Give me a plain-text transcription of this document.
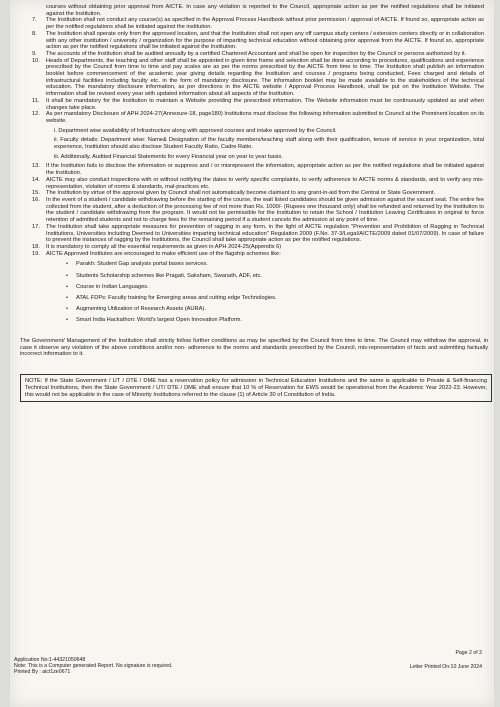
courses without obtaining prior approval from AICTE. In case any violation is reported to the Council, appropriate action as per the notified regulations shall be initiated against the Institution.

7. The Institution shall not conduct any course(s) as specified in the Approval Process Handbook without prior permission / approval of AICTE. If found so, appropriate action as per the notified regulations shall be initiated against the institution.
8. The Institution shall operate only from the approved location, and that the Institution shall not open any off campus study centers / extension centers directly or in collaboration with any other institution / university / organization for the purpose of imparting technical education without obtaining prior approval from the AICTE. If found so, appropriate action as per the notified regulations shall be initiated against the Institution.
9. The accounts of the Institution shall be audited annually by a certified Chartered Accountant and shall be open for inspection by the Council or persons authorized by it.
10. Heads of Departments, the teaching and other staff shall be appointed in given time frame and selection shall be done according to procedures, qualifications and experience prescribed by the Council from time to time and pay scales are as per the norms prescribed by the AICTE from time to time. The Institution shall publish an information booklet before commencement of the academic year giving details regarding the Institution and courses / programs being conducted, Fees charged and details of infrastructural facilities including faculty etc. in the form of mandatory disclosure. The information booklet may be made available to the stakeholders of the technical education. The mandatory disclosure information, as per directions in the AICTE website / Approval Process Handbook, shall be put on the Institution Website. The information shall be revised every year with updated information about all aspects of the Institution.
11. It shall be mandatory for the Institution to maintain a Website providing the prescribed information. The Website information must be continuously updated as and when changes take place.
12. As per mandatory Disclosure of APH 2024-27(Annexure-18, page180) Institutions must disclose the following information submitted to Council at the Prominent location on its website.

i. Department wise availability of Infrastructure along with approved courses and intake approved by the Council.

ii. Faculty details: Department wise: Name& Designation of the faculty members/teaching staff along with their qualification, tenure of service in your organization, total experience, Institution should also disclose Student Faculty Ratio, Cadre Ratio.

iii. Additionally, Audited Financial Statements for every Financial year on year to year basis.

13. If the Institution fails to disclose the information or suppress and / or misrepresent the information, appropriate action as per the notified regulations shall be initiated against the Institution.
14. AICTE may also conduct inspections with or without notifying the dates to verify specific complaints, to verify adherence to AICTE norms & standards, and to verify any mis-representation, violation of norms & standards, mal-practices etc.
15. The Institution by virtue of the approval given by Council shall not automatically become claimant to any grant-in-aid from the Central or State Government.
16. In the event of a student / candidate withdrawing before the starting of the course, the wait listed candidates should be given admission against the vacant seat. The entire fee collected from the student, after a deduction of the processing fee of not more than Rs. 1000/- (Rupees one thousand only) shall be refunded and returned by the Institution to the student / candidate withdrawing from the program. It would not be permissible for the Institution to retain the School / Institution Leaving Certificates in original to force retention of admitted students and not to charge fees for the remaining period if a student cancels the admission at any point of time.
17. The Institution shall take appropriate measures for prevention of ragging in any form, in the light of AICTE regulation "Prevention and Prohibition of Ragging in Technical Institutions, Universities including Deemed to Universities imparting technical education" Regulation 2009 (F.No. 37-3/Legal/AICTE/2009 dated 01/07/2009). In case of failure to prevent the instances of ragging by the Institutions, the Council shall take appropriate action as per the notified regulations.
18. It is mandatory to comply all the essential requirements as given in APH 2024-25(Appendix 6)
19. AICTE Approved Institutes are encouraged to make efficient use of the flagship schemes like:
• Parakh: Student Gap analysis portal bases services.
• Students Scholarship schemes like Pragati, Saksham, Swanath, ADF, etc.
• Course in Indian Languages.
• ATAL FDPs: Faculty training for Emerging areas and cutting edge Technologies.
• Augmenting Utilization of Research Assets (AURA).
• Smart India Hackathon: World's largest Open Innovation Platform.

The Government/ Management of the Institution shall strictly follow further conditions as may be specified by the Council from time to time. The Council may withdraw the approval, in case it observe any violation of the above conditions and/or non- adherence to the norms and standards prescribed by the Council, mis-representation of facts and submitting factually incorrect information to it.

NOTE: If the State Government / UT / DTE / DME has a reservation policy for admission in Technical Education Institutions and the same is applicable to Private & Self-financing Technical Institutions, then the State Government / UT/ DTE / DME shall ensure that 10 % of Reservation for EWS would be operational from the Academic Year 2022-23. However, this would not be applicable in the case of Minority Institutions referred to the clause (1) of Article 30 of Constitution of India.
Application No:1-44321050648
Note: This is a Computer generated Report. No signature is required.
Printed By : aict1ze0671
Page 2 of 2
Letter Printed On:10 June 2024
